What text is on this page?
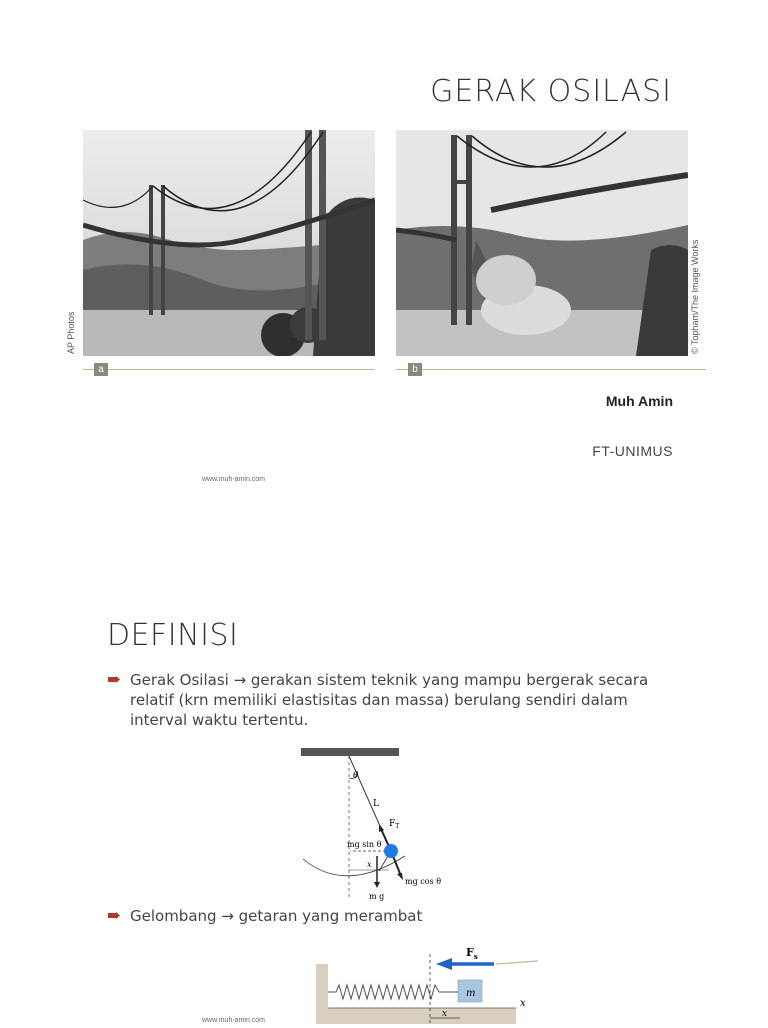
GERAK OSILASI
AP Photos	© Topham/The Image Works
a	b
Muh Amin
FT-UNIMUS
www.muh-amin.com
DEFINISI
Gerak Osilasi → gerakan sistem teknik yang mampu bergerak secara relatif (krn memiliki elastisitas dan massa) berulang sendiri dalam interval waktu tertentu.
θ
L
$F_T$
mg sin θ
mg cos θ
m g
x
Gelombang → getaran yang merambat
$F_s$
m
x
x
www.muh-amin.com
